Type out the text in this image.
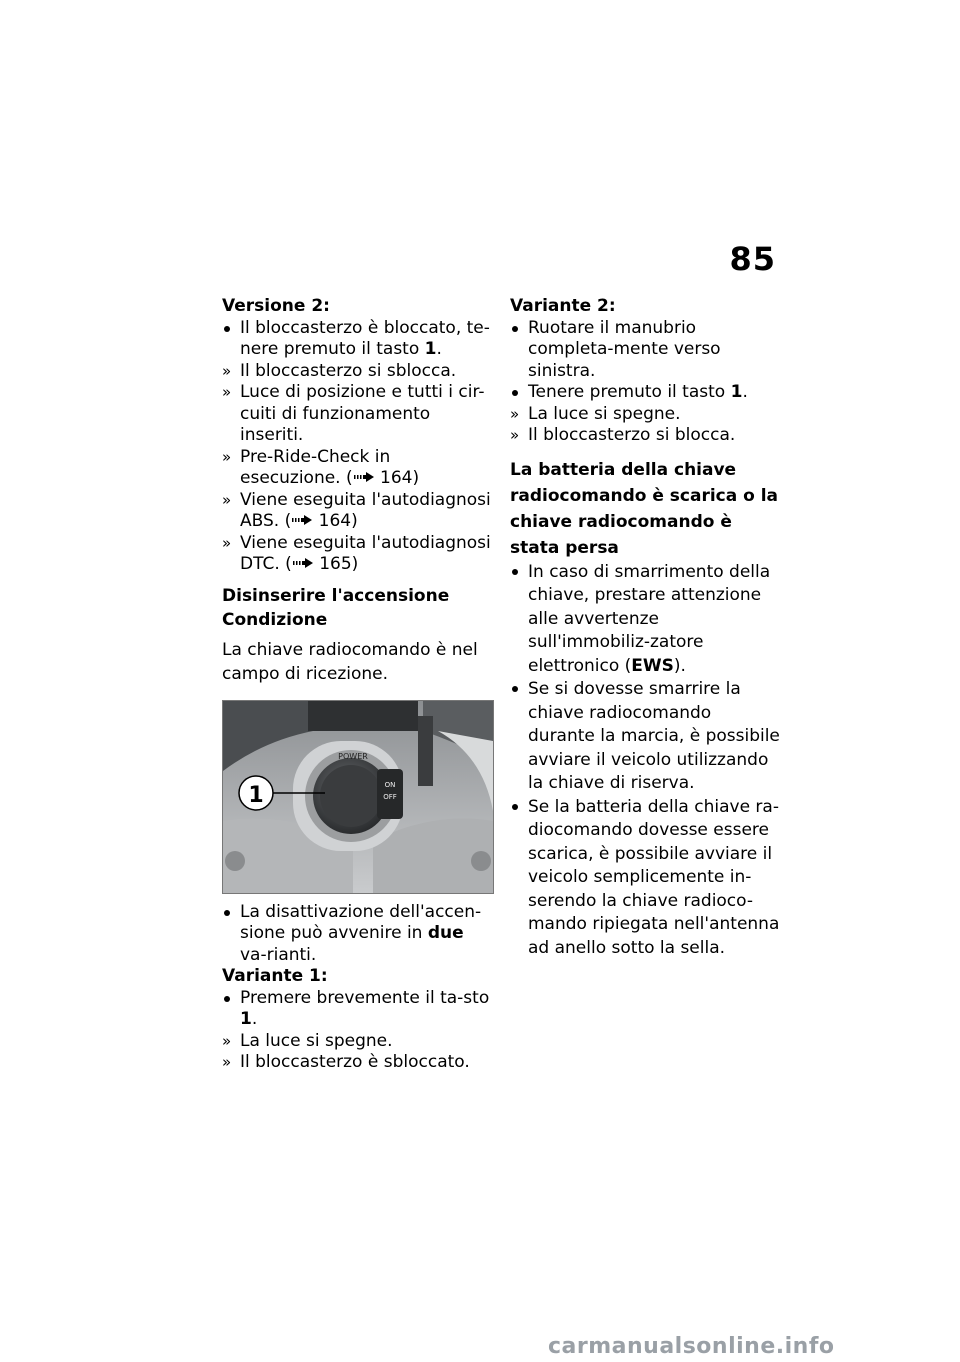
85

Versione 2:

Il bloccasterzo è bloccato, te-nere premuto il tasto 1.
»
Il bloccasterzo si sblocca.
»
Luce di posizione e tutti i cir-cuiti di funzionamento inseriti.
»
Pre-Ride-Check in esecuzione. ( 164)
»
Viene eseguita l'autodiagnosi ABS. ( 164)
»
Viene eseguita l'autodiagnosi DTC. ( 165)

Disinserire l'accensione

Condizione

La chiave radiocomando è nel campo di ricezione.

POWER
ON
OFF
1
La disattivazione dell'accen-sione può avvenire in due va-rianti.

Variante 1:

Premere brevemente il ta-sto 1.
»
La luce si spegne.
»
Il bloccasterzo è sbloccato.

Variante 2:

Ruotare il manubrio completa-mente verso sinistra.
Tenere premuto il tasto 1.
»
La luce si spegne.
»
Il bloccasterzo si blocca.

La batteria della chiave radiocomando è scarica o la chiave radiocomando è stata persa

In caso di smarrimento della chiave, prestare attenzione alle avvertenze sull'immobiliz-zatore elettronico (EWS).
Se si dovesse smarrire la chiave radiocomando durante la marcia, è possibile avviare il veicolo utilizzando la chiave di riserva.
Se la batteria della chiave ra-diocomando dovesse essere scarica, è possibile avviare il veicolo semplicemente in-serendo la chiave radioco-mando ripiegata nell'antenna ad anello sotto la sella.
carmanualsonline.info
